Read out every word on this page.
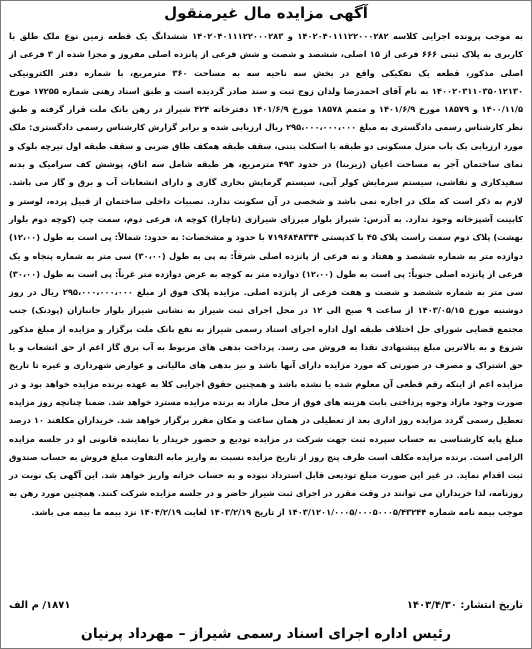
آگهی مزایده مال غیرمنقول
به موجب پرونده اجرایی کلاسه ۱۴۰۲۰۴۰۱۱۱۲۲۰۰۰۲۸۲ و ۱۴۰۲۰۴۰۱۱۱۲۲۰۰۰۲۸۳ ششدانگ یک قطعه زمین نوع ملک طلق با کاربری به پلاک ثبتی ۶۶۶ فرعی از ۱۵ اصلی، ششصد و شصت و شش فرعی از پانزده اصلی مفروز و مجزا شده از ۳ فرعی از اصلی مذکور، قطعه یک تفکیکی واقع در بخش سه ناحیه سه به مساحت ۳۶۰ مترمربع، با شماره دفتر الکترونیکی ۱۴۰۰۲۰۳۱۱۰۳۵۰۱۲۱۳۰ به نام آقای احمدرضا ولدان زوج ثبت و سند صادر گردیده است و طبق اسناد رهنی شماره ۱۷۲۵۵ مورخ ۱۴۰۰/۱۱/۵ و ۱۸۵۷۹ مورخ ۱۴۰۱/۶/۹ و متمم ۱۸۵۷۸ مورخ ۱۴۰۱/۶/۹ دفترخانه ۴۲۴ شیراز در رهن بانک ملت قرار گرفته و طبق نظر کارشناس رسمی دادگستری به مبلغ ۲۹۵،۰۰۰،۰۰۰،۰۰۰ ریال ارزیابی شده و برابر گزارش کارشناس رسمی دادگستری: ملک مورد ارزیابی یک باب منزل مسکونی دو طبقه با اسکلت بتنی، سقف طبقه همکف طاق ضربی و سقف طبقه اول تیرچه بلوک و نمای ساختمان آجر به مساحت اعیان (زیربنا) در حدود ۴۹۳ مترمربع، هر طبقه شامل سه اتاق، پوشش کف سرامیک و بدنه سفیدکاری و نقاشی، سیستم سرمایش کولر آبی، سیستم گرمایش بخاری گازی و دارای انشعابات آب و برق و گاز می باشد. لازم به ذکر است که ملک در اجاره نمی باشد و شخصی در آن سکونت ندارد. نصبیات داخلی ساختمان از قبیل پرده، لوستر و کابینت آشپزخانه وجود ندارد. به آدرس: شیراز بلوار میرزای شیرازی (تاچارا) کوچه ۸، فرعی دوم، سمت چپ (کوچه دوم بلوار بهشت) پلاک دوم سمت راست پلاک ۴۵ با کدپستی ۷۱۹۶۸۴۸۳۳۴ با حدود و مشخصات: به حدود: شمالاً: پی است به طول (۱۲،۰۰) دوازده متر به شماره ششصد و هفتاد و نه فرعی از پانزده اصلی شرقاً: به پی به طول (۳۰،۰۰) سی متر به شماره پنجاه و یک فرعی از پانزده اصلی جنوباً: پی است به طول (۱۲،۰۰) دوازده متر به کوچه به عرض دوازده متر غرباً: پی است به طول (۳۰،۰۰) سی متر به شماره ششصد و شصت و هفت فرعی از پانزده اصلی. مزایده پلاک فوق از مبلغ ۲۹۵،۰۰۰،۰۰۰،۰۰۰ ریال در روز دوشنبه مورخ ۱۴۰۳/۰۵/۱۵ از ساعت ۹ صبح الی ۱۲ در محل اجرای ثبت شیراز به نشانی شیراز بلوار جانبازان (پودنک) جنب مجتمع قضایی شورای حل اختلاف طبقه اول اداره اجرای اسناد رسمی شیراز به نفع بانک ملت برگزار و مزایده از مبلغ مذکور شروع و به بالاترین مبلغ پیشنهادی نقدا به فروش می رسد. پرداخت بدهی های مربوط به آب برق گاز اعم از حق انشعاب و یا حق اشتراک و مصرف در صورتی که مورد مزایده دارای آنها باشد و نیز بدهی های مالیاتی و عوارض شهرداری و غیره تا تاریخ مزایده اعم از اینکه رقم قطعی آن معلوم شده یا نشده باشد و همچنین حقوق اجرایی کلا به عهده برنده مزایده خواهد بود و در صورت وجود مازاد وجوه پرداختی بابت هزینه های فوق از محل مازاد به برنده مزایده مسترد خواهد شد. ضمنا چنانچه روز مزایده تعطیل رسمی گردد مزایده روز اداری بعد از تعطیلی در همان ساعت و مکان مقرر برگزار خواهد شد. خریداران مکلفند ۱۰ درصد مبلغ پایه کارشناسی به حساب سپرده ثبت جهت شرکت در مزایده تودیع و حضور خریدار یا نماینده قانونی او در جلسه مزایده الزامی است. برنده مزایده مکلف است ظرف پنج روز از تاریخ مزایده نسبت به واریز مابه التفاوت مبلغ فروش به حساب صندوق ثبت اقدام نماید. در غیر این صورت مبلغ تودیعی قابل استرداد نبوده و به حساب خزانه واریز خواهد شد. این آگهی یک نوبت در روزنامه، لذا خریداران می توانند در وقت مقرر در اجرای ثبت شیراز حاضر و در جلسه مزایده شرکت کنند. همچنین مورد رهن به موجب بیمه نامه شماره ۱۴۰۳/۱۲۰۱/۰۰۰۵/۰۰۰۵۰۰۰۵/۴۳۲۴۴ از تاریخ ۱۴۰۳/۲/۱۹ لغایت ۱۴۰۴/۲/۱۹ نزد بیمه ما بیمه می باشد.
تاریخ انتشار: ۱۴۰۳/۴/۳۰
۱۸۷۱/ م الف
رئیس اداره اجرای اسناد رسمی شیراز – مهرداد پرنیان
